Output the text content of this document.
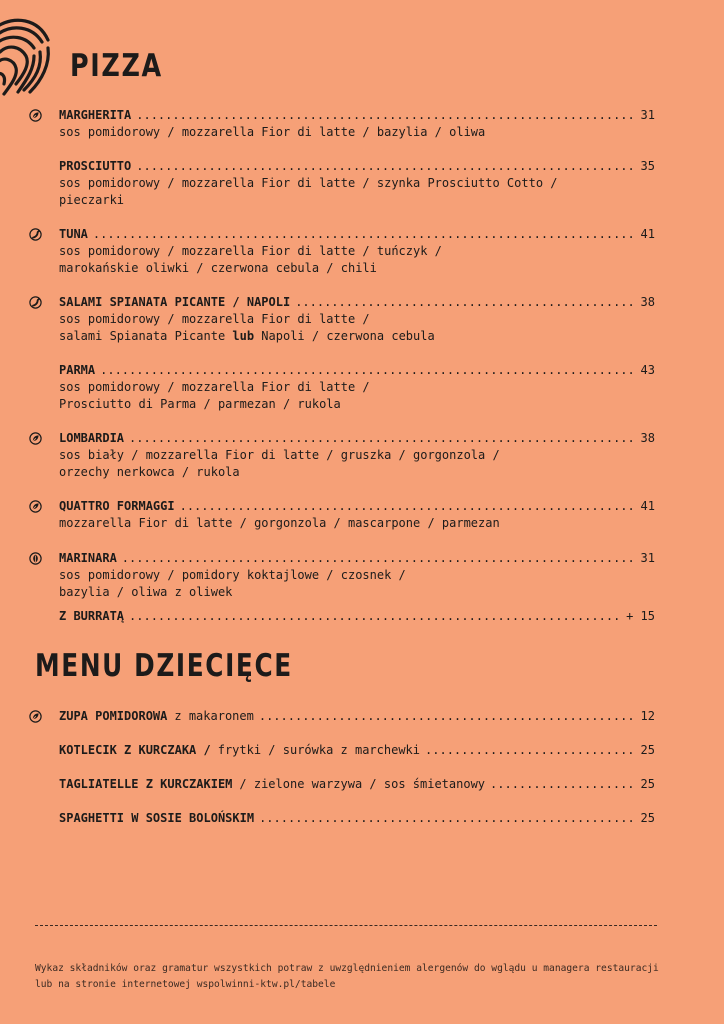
PIZZA
MARGHERITA .....	31
sos pomidorowy / mozzarella Fior di latte / bazylia / oliwa
PROSCIUTTO .....	35
sos pomidorowy / mozzarella Fior di latte / szynka Prosciutto Cotto /
pieczarki
TUNA .....	41
sos pomidorowy / mozzarella Fior di latte / tuńczyk /
marokańskie oliwki / czerwona cebula / chili
SALAMI SPIANATA PICANTE / NAPOLI .....	38
sos pomidorowy / mozzarella Fior di latte /
salami Spianata Picante lub Napoli / czerwona cebula
PARMA .....	43
sos pomidorowy / mozzarella Fior di latte /
Prosciutto di Parma / parmezan / rukola
LOMBARDIA .....	38
sos biały / mozzarella Fior di latte / gruszka / gorgonzola /
orzechy nerkowca / rukola
QUATTRO FORMAGGI .....	41
mozzarella Fior di latte / gorgonzola / mascarpone / parmezan
MARINARA .....	31
sos pomidorowy / pomidory koktajlowe / czosnek /
bazylia / oliwa z oliwek
Z BURRATĄ .....	+ 15
MENU DZIECIĘCE
ZUPA POMIDOROWA z makaronem .....	12
KOTLECIK Z KURCZAKA / frytki / surówka z marchewki .....	25
TAGLIATELLE Z KURCZAKIEM / zielone warzywa / sos śmietanowy .....	25
SPAGHETTI W SOSIE BOLOŃSKIM .....	25
Wykaz składników oraz gramatur wszystkich potraw z uwzględnieniem alergenów do wglądu u managera restauracji
lub na stronie internetowej wspolwinni-ktw.pl/tabele
